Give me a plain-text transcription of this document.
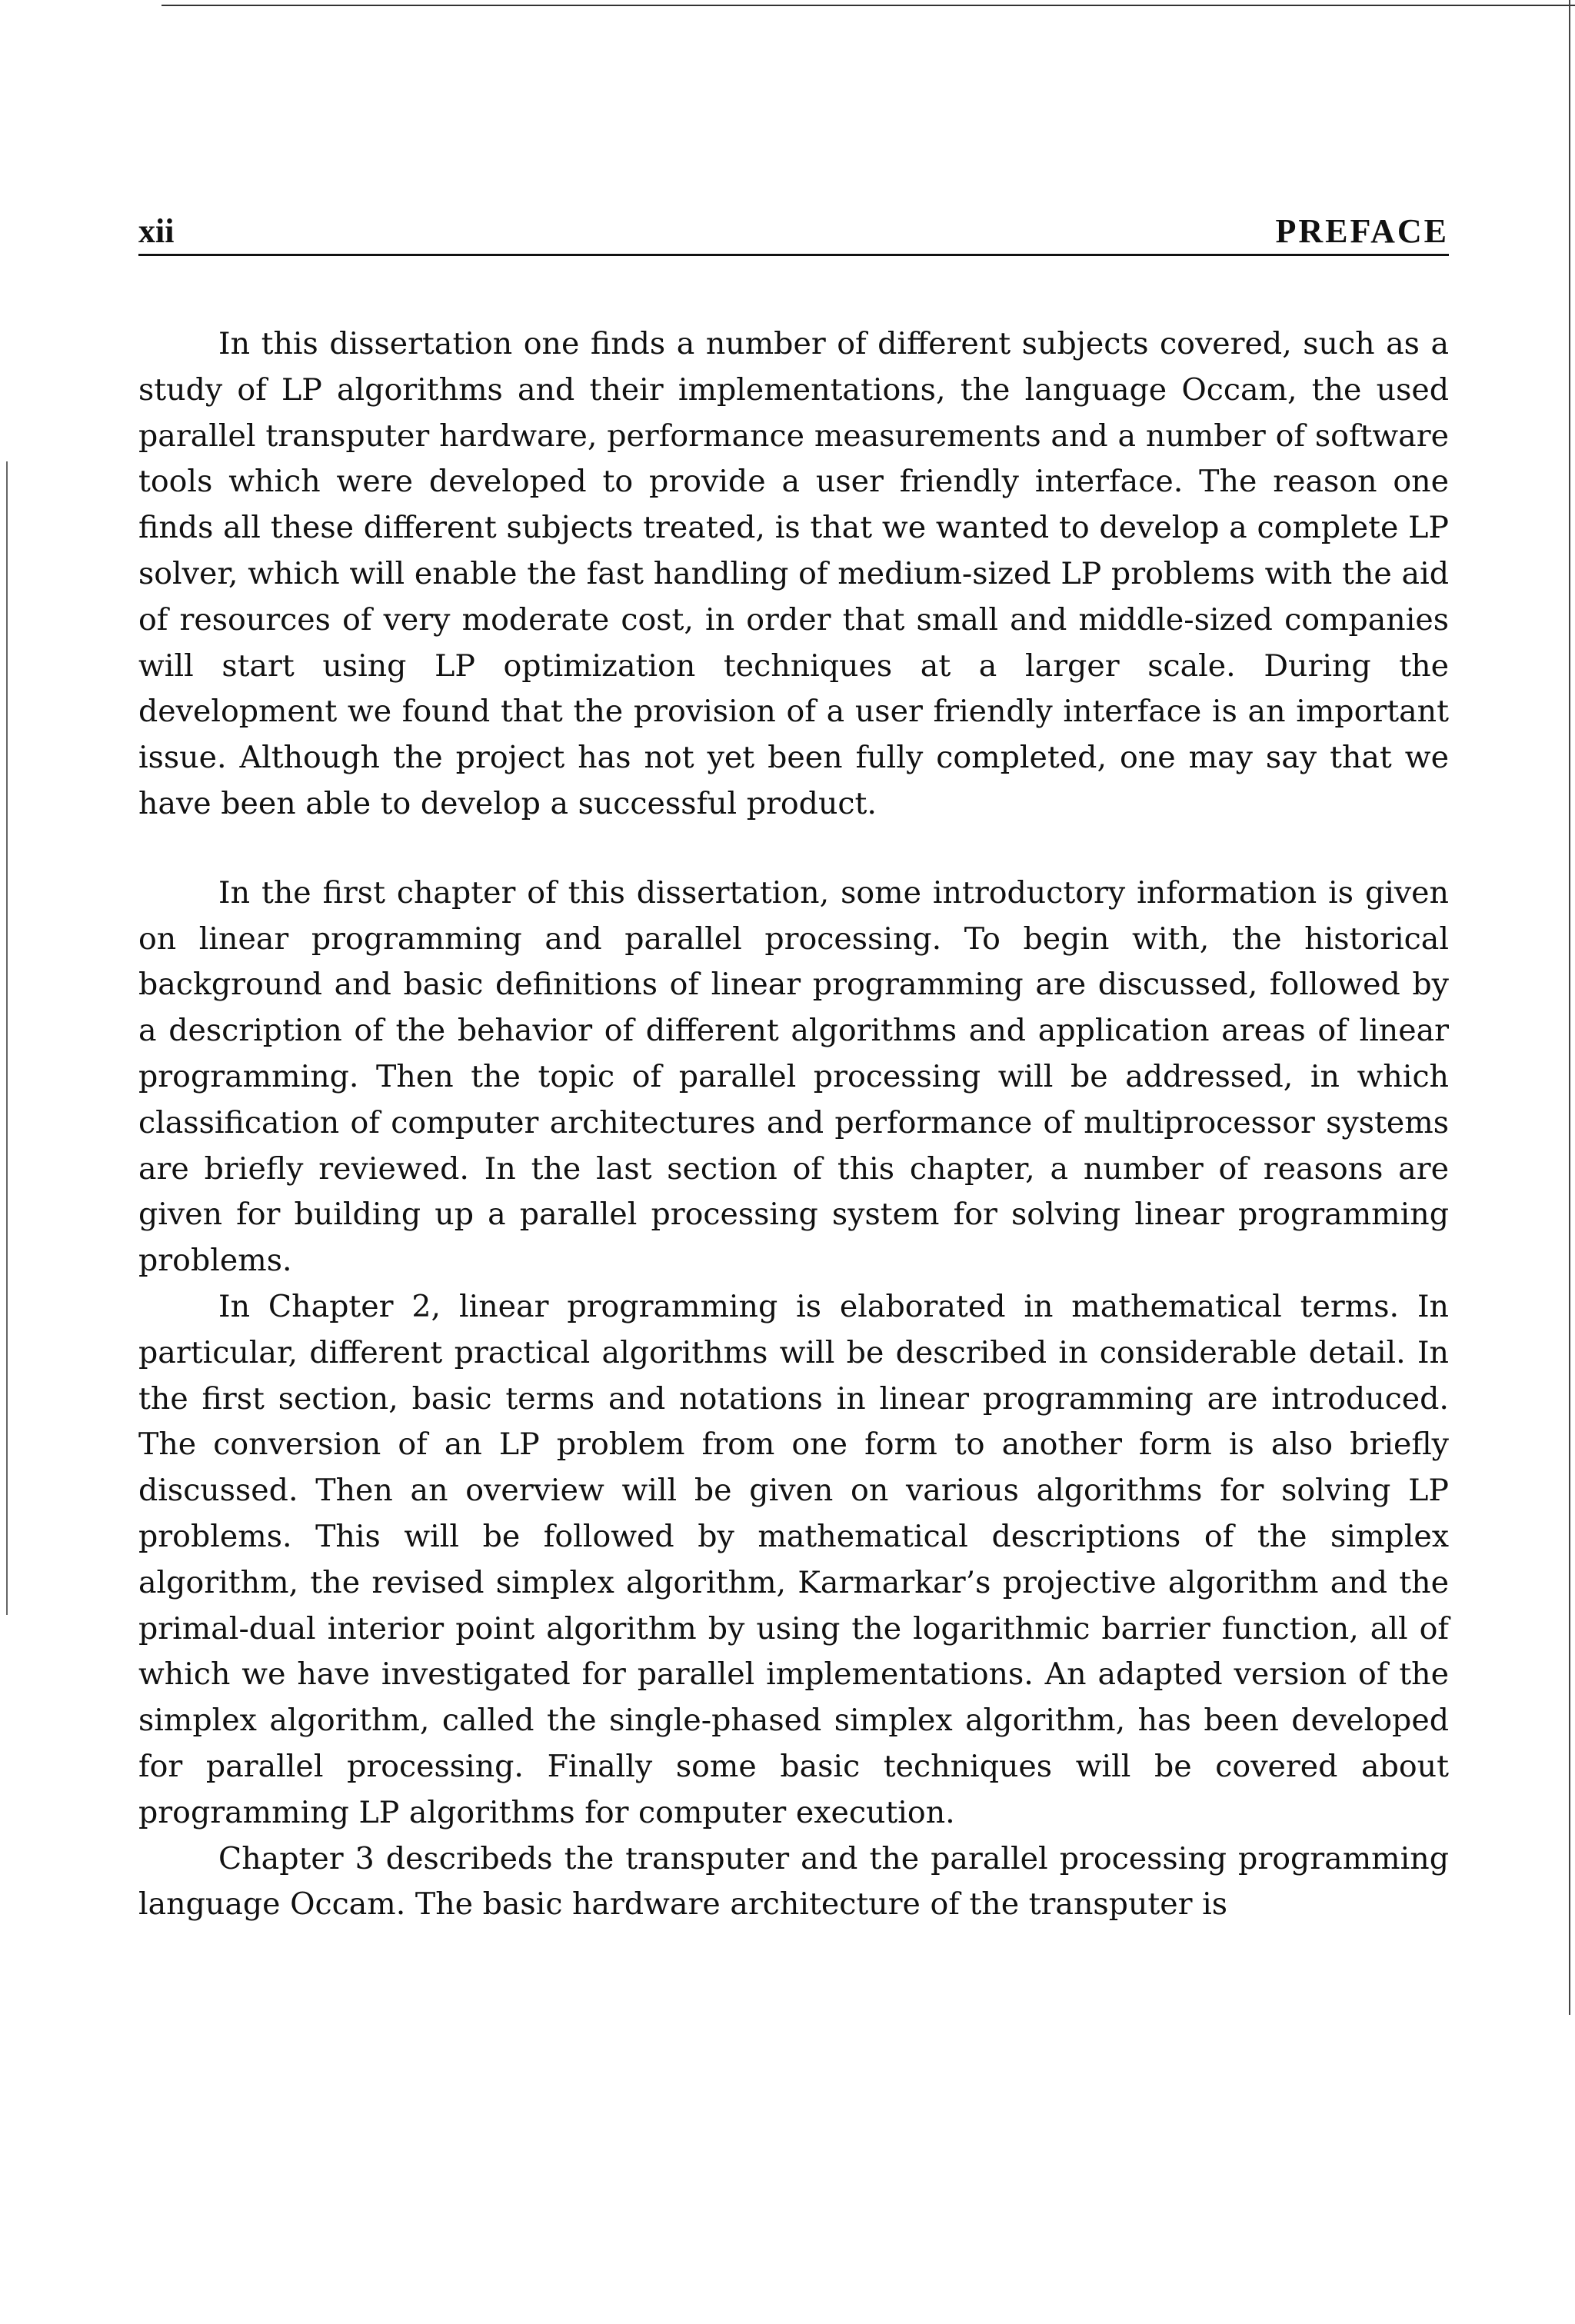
xii	PREFACE

In this dissertation one finds a number of different subjects covered, such as a study of LP algorithms and their implementations, the language Occam, the used parallel transputer hardware, performance measurements and a number of software tools which were developed to provide a user friendly interface. The reason one finds all these different subjects treated, is that we wanted to develop a complete LP solver, which will enable the fast handling of medium-sized LP problems with the aid of resources of very moderate cost, in order that small and middle-sized companies will start using LP optimization techniques at a larger scale. During the development we found that the provision of a user friendly interface is an important issue. Although the project has not yet been fully completed, one may say that we have been able to develop a successful product.

In the first chapter of this dissertation, some introductory information is given on linear programming and parallel processing. To begin with, the historical background and basic definitions of linear programming are discussed, followed by a description of the behavior of different algorithms and application areas of linear programming. Then the topic of parallel processing will be addressed, in which classification of computer architectures and performance of multiprocessor systems are briefly reviewed. In the last section of this chapter, a number of reasons are given for building up a parallel processing system for solving linear programming problems.

In Chapter 2, linear programming is elaborated in mathematical terms. In particular, different practical algorithms will be described in considerable detail. In the first section, basic terms and notations in linear programming are introduced. The conversion of an LP problem from one form to another form is also briefly discussed. Then an overview will be given on various algorithms for solving LP problems. This will be followed by mathematical descriptions of the simplex algorithm, the revised simplex algorithm, Karmarkar’s projective algorithm and the primal-dual interior point algorithm by using the logarithmic barrier function, all of which we have investigated for parallel implementations. An adapted version of the simplex algorithm, called the single-phased simplex algorithm, has been developed for parallel processing. Finally some basic techniques will be covered about programming LP algorithms for computer execution.

Chapter 3 describeds the transputer and the parallel processing programming language Occam. The basic hardware architecture of the transputer is
